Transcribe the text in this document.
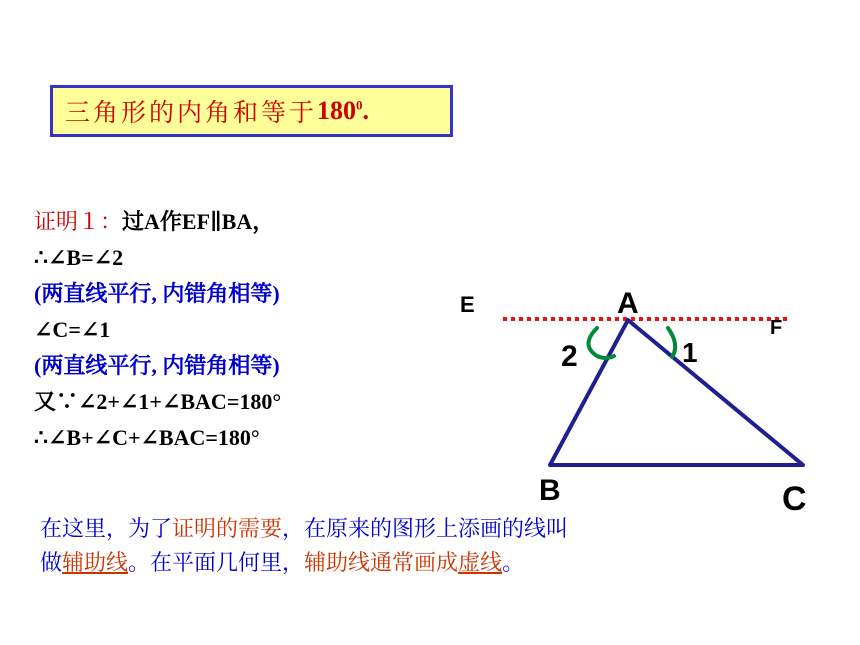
三角形的内角和等于 $180^0$.
证明１：过A作EF∥BA，
∴∠B=∠2
(两直线平行, 内错角相等)
∠C=∠1
(两直线平行, 内错角相等)
又∵∠2+∠1+∠BAC=180°
∴∠B+∠C+∠BAC=180°
E
F
A
B	C
1
2
在这里，为了证明的需要，在原来的图形上添画的线叫
做辅助线。在平面几何里，辅助线通常画成虚线。
